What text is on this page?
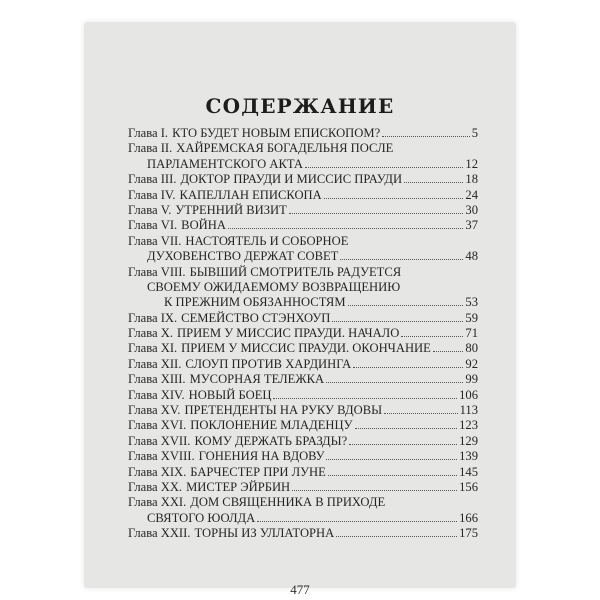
СОДЕРЖАНИЕ
Глава I. КТО БУДЕТ НОВЫМ ЕПИСКОПОМ?	5
Глава II. ХАЙРЕМСКАЯ БОГАДЕЛЬНЯ ПОСЛЕ
ПАРЛАМЕНТСКОГО АКТА	12
Глава III. ДОКТОР ПРАУДИ И МИССИС ПРАУДИ	18
Глава IV. КАПЕЛЛАН ЕПИСКОПА	24
Глава V. УТРЕННИЙ ВИЗИТ	30
Глава VI. ВОЙНА	37
Глава VII. НАСТОЯТЕЛЬ И СОБОРНОЕ
ДУХОВЕНСТВО ДЕРЖАТ СОВЕТ	48
Глава VIII. БЫВШИЙ СМОТРИТЕЛЬ РАДУЕТСЯ
СВОЕМУ ОЖИДАЕМОМУ ВОЗВРАЩЕНИЮ
К ПРЕЖНИМ ОБЯЗАННОСТЯМ	53
Глава IX. СЕМЕЙСТВО СТЭНХОУП	59
Глава X. ПРИЕМ У МИССИС ПРАУДИ. НАЧАЛО	71
Глава XI. ПРИЕМ У МИССИС ПРАУДИ. ОКОНЧАНИЕ	80
Глава XII. СЛОУП ПРОТИВ ХАРДИНГА	92
Глава XIII. МУСОРНАЯ ТЕЛЕЖКА	99
Глава XIV. НОВЫЙ БОЕЦ	106
Глава XV. ПРЕТЕНДЕНТЫ НА РУКУ ВДОВЫ	113
Глава XVI. ПОКЛОНЕНИЕ МЛАДЕНЦУ	123
Глава XVII. КОМУ ДЕРЖАТЬ БРАЗДЫ?	129
Глава XVIII. ГОНЕНИЯ НА ВДОВУ	139
Глава XIX. БАРЧЕСТЕР ПРИ ЛУНЕ	145
Глава XX. МИСТЕР ЭЙРБИН	156
Глава XXI. ДОМ СВЯЩЕННИКА В ПРИХОДЕ
СВЯТОГО ЮОЛДА	166
Глава XXII. ТОРНЫ ИЗ УЛЛАТОРНА	175
477
